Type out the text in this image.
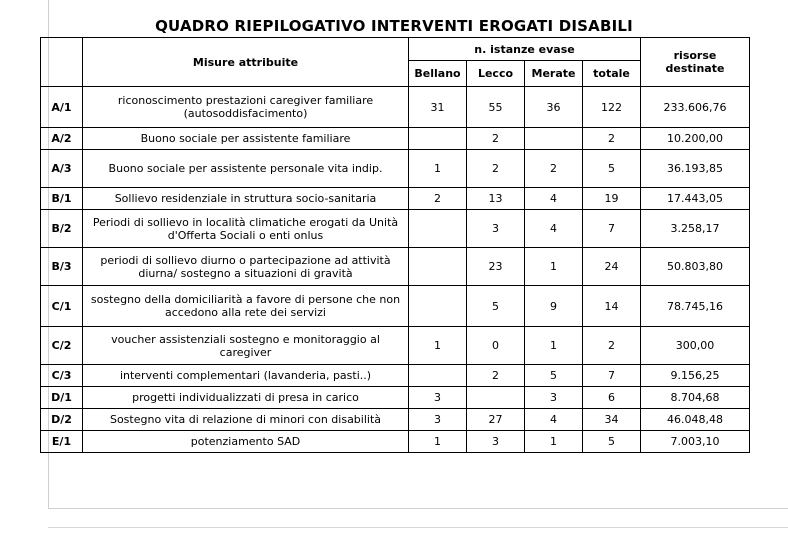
QUADRO RIEPILOGATIVO INTERVENTI EROGATI DISABILI
	Misure attribuite	n. istanze evase				risorse destinate
		Bellano	Lecco	Merate	totale	
A/1	riconoscimento prestazioni caregiver familiare (autosoddisfacimento)	31	55	36	122	233.606,76
A/2	Buono sociale per assistente familiare		2		2	10.200,00
A/3	Buono sociale per assistente personale vita indip.	1	2	2	5	36.193,85
B/1	Sollievo residenziale in struttura socio-sanitaria	2	13	4	19	17.443,05
B/2	Periodi di sollievo in località climatiche erogati da Unità d'Offerta Sociali o enti onlus		3	4	7	3.258,17
B/3	periodi di sollievo diurno o partecipazione ad attività diurna/ sostegno a situazioni di gravità		23	1	24	50.803,80
C/1	sostegno della domiciliarità a favore di persone che non accedono alla rete dei servizi		5	9	14	78.745,16
C/2	voucher assistenziali sostegno e monitoraggio al caregiver	1	0	1	2	300,00
C/3	interventi complementari (lavanderia, pasti..)		2	5	7	9.156,25
D/1	progetti individualizzati di presa in carico	3		3	6	8.704,68
D/2	Sostegno vita di relazione di minori con disabilità	3	27	4	34	46.048,48
E/1	potenziamento SAD	1	3	1	5	7.003,10
